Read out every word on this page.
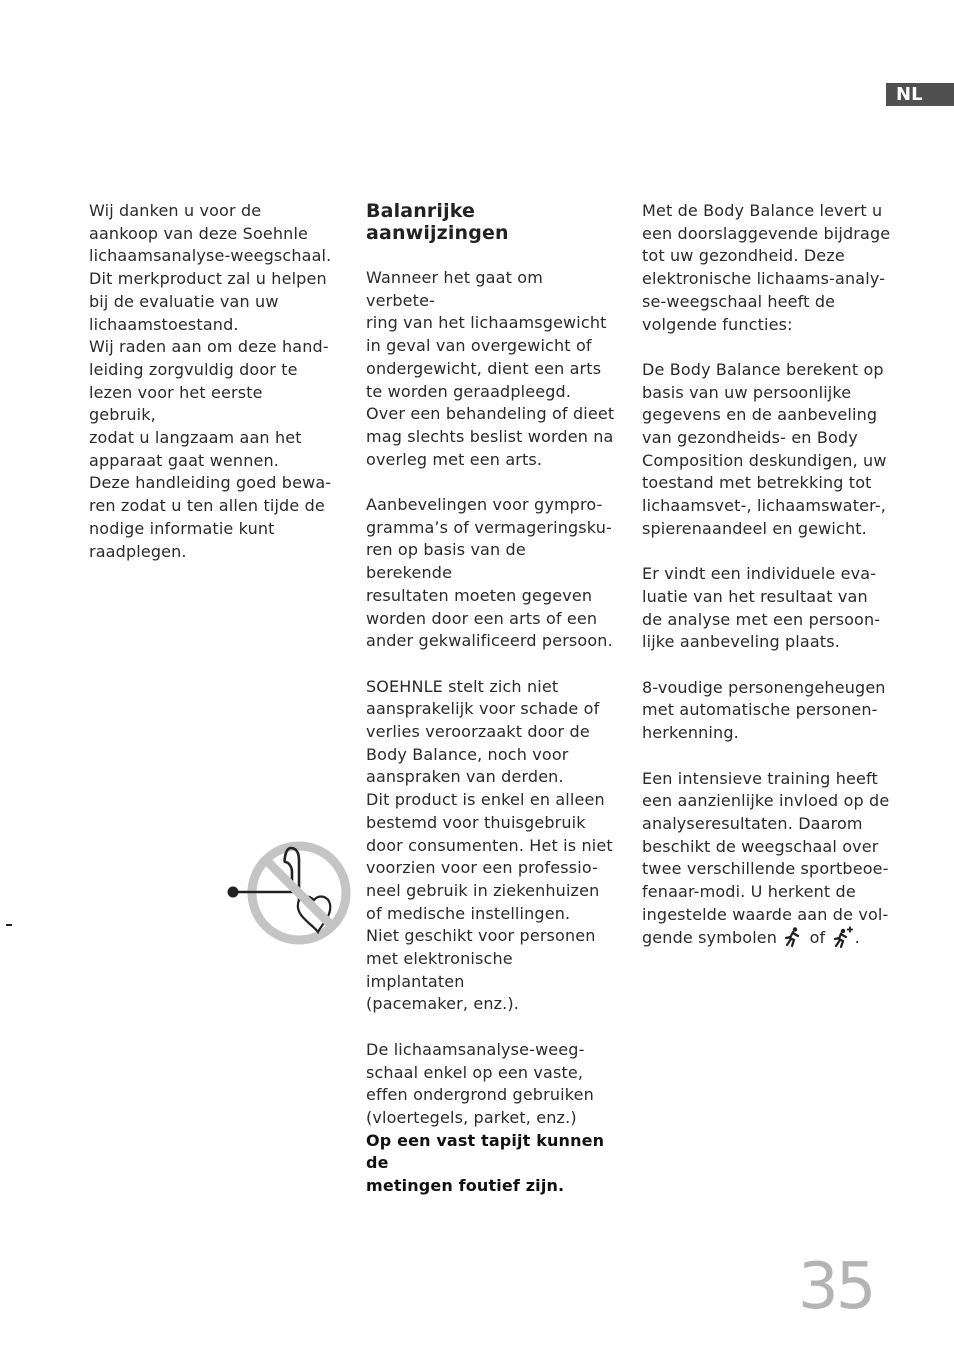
NL

Wij danken u voor de

aankoop van deze Soehnle

lichaamsanalyse-weegschaal.

Dit merkproduct zal u helpen

bij de evaluatie van uw

lichaamstoestand.

Wij raden aan om deze hand-

leiding zorgvuldig door te

lezen voor het eerste gebruik,

zodat u langzaam aan het

apparaat gaat wennen.

Deze handleiding goed bewa-

ren zodat u ten allen tijde de

nodige informatie kunt

raadplegen.

Balanrijke aanwijzingen

Wanneer het gaat om verbete-

ring van het lichaamsgewicht

in geval van overgewicht of

ondergewicht, dient een arts

te worden geraadpleegd.

Over een behandeling of dieet

mag slechts beslist worden na

overleg met een arts.

Aanbevelingen voor gympro-

gramma’s of vermageringsku-

ren op basis van de berekende

resultaten moeten gegeven

worden door een arts of een

ander gekwalificeerd persoon.

SOEHNLE stelt zich niet

aansprakelijk voor schade of

verlies veroorzaakt door de

Body Balance, noch voor

aanspraken van derden.

Dit product is enkel en alleen

bestemd voor thuisgebruik

door consumenten. Het is niet

voorzien voor een professio-

neel gebruik in ziekenhuizen

of medische instellingen.

Niet geschikt voor personen

met elektronische implantaten

(pacemaker, enz.).

De lichaamsanalyse-weeg-

schaal enkel op een vaste,

effen ondergrond gebruiken

(vloertegels, parket, enz.)

Op een vast tapijt kunnen de

metingen foutief zijn.

Met de Body Balance levert u

een doorslaggevende bijdrage

tot uw gezondheid. Deze

elektronische lichaams-analy-

se-weegschaal heeft de

volgende functies:

De Body Balance berekent op

basis van uw persoonlijke

gegevens en de aanbeveling

van gezondheids- en Body

Composition deskundigen, uw

toestand met betrekking tot

lichaamsvet-, lichaamswater-,

spierenaandeel en gewicht.

Er vindt een individuele eva-

luatie van het resultaat van

de analyse met een persoon-

lijke aanbeveling plaats.

8-voudige personengeheugen

met automatische personen-

herkenning.

Een intensieve training heeft

een aanzienlijke invloed op de

analyseresultaten. Daarom

beschikt de weegschaal over

twee verschillende sportbeoe-

fenaar-modi. U herkent de

ingestelde waarde aan de vol-

gende symbolen of .

35
